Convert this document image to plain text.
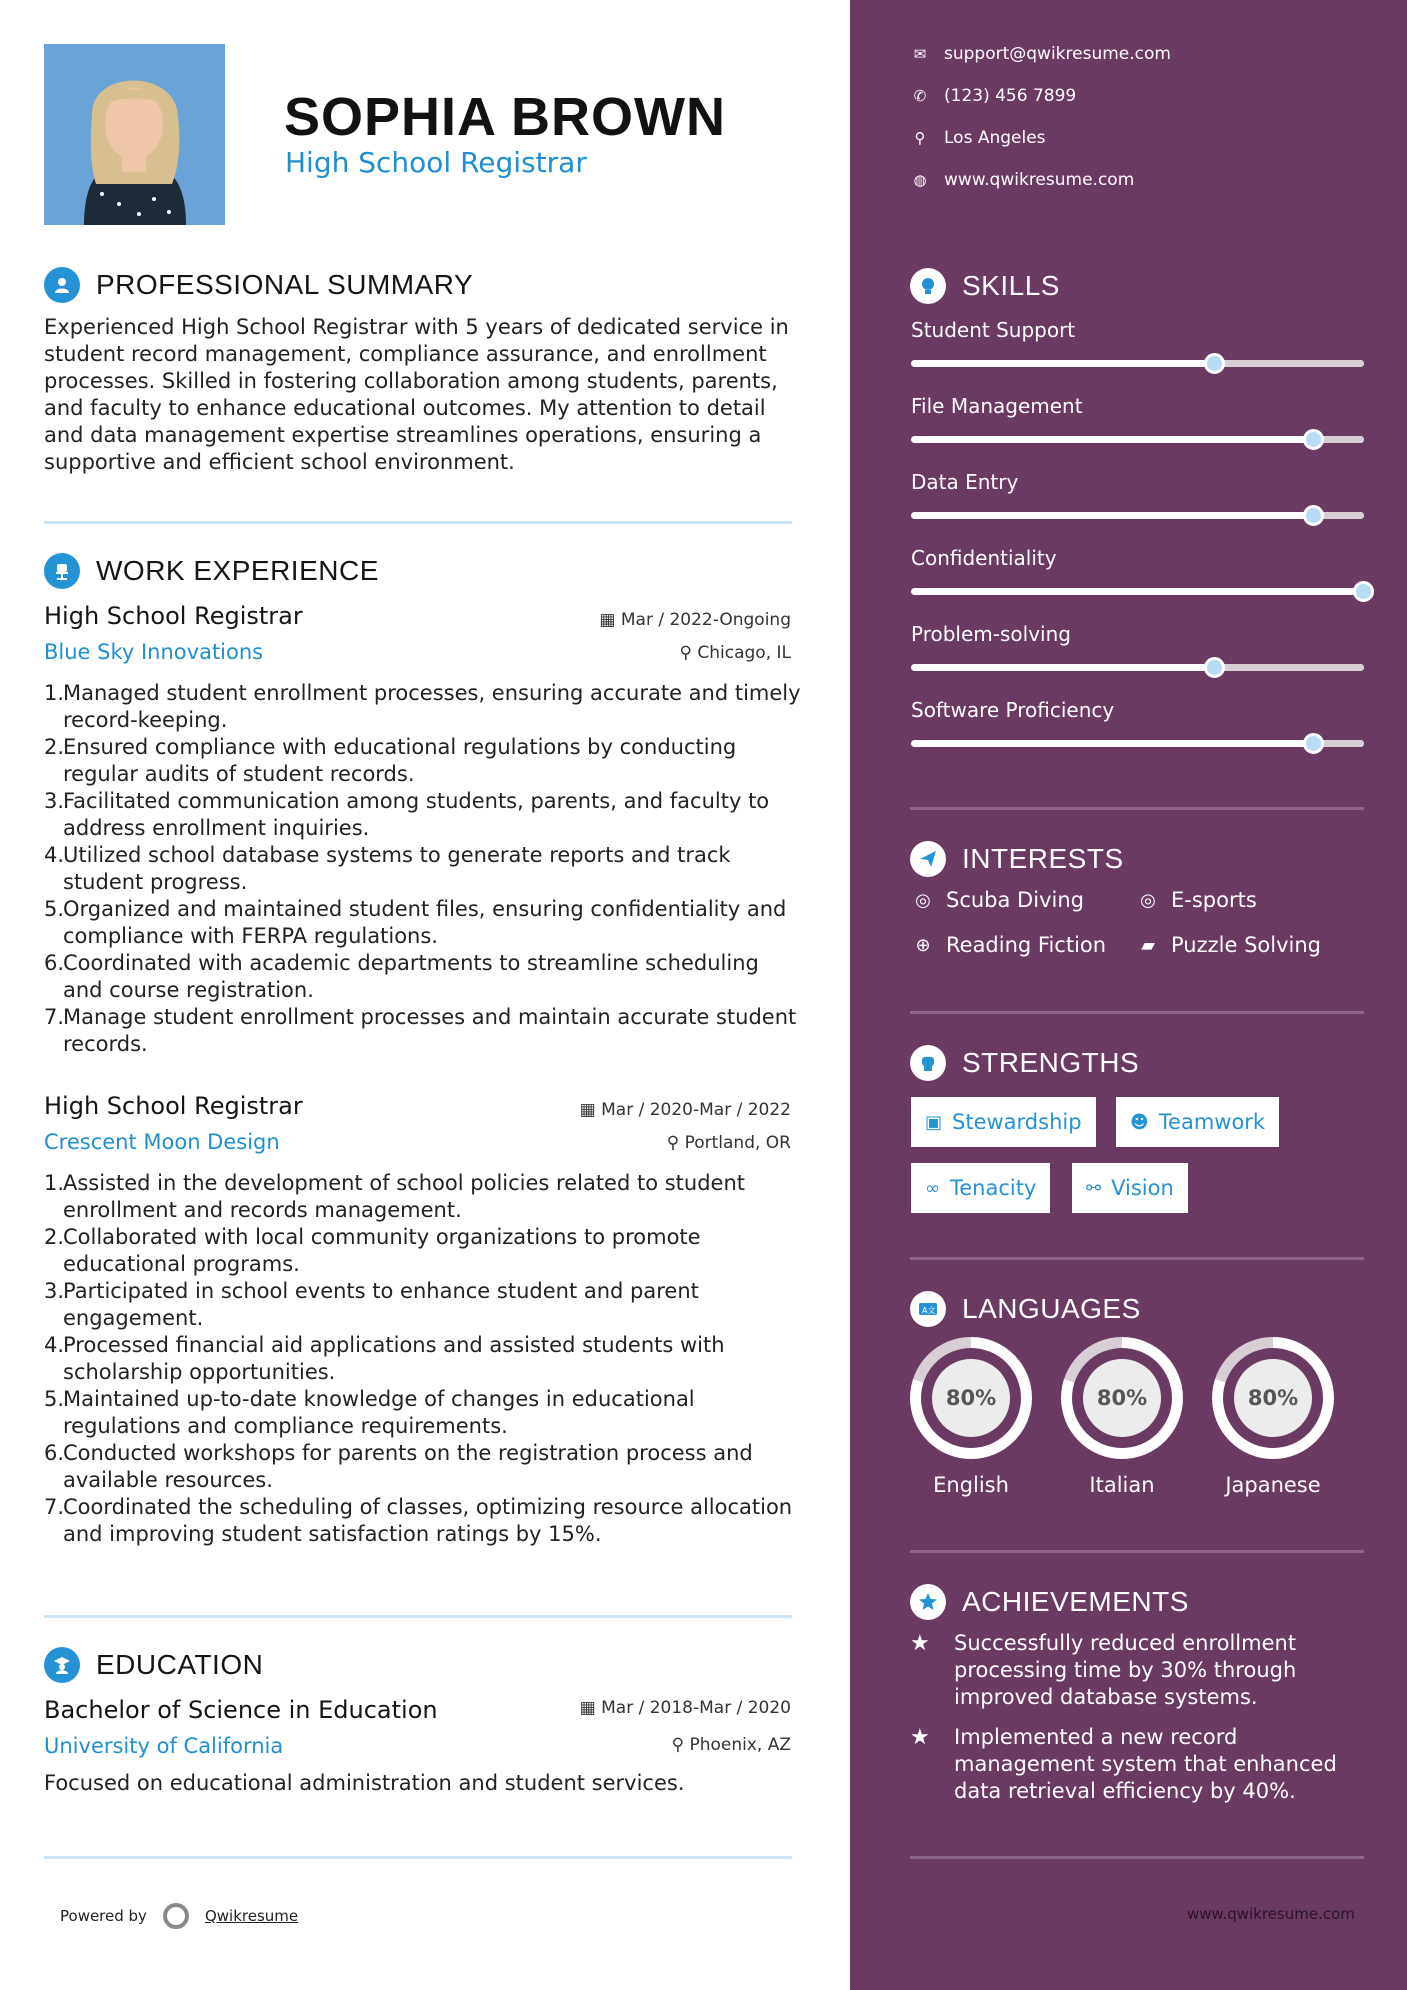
SOPHIA BROWN
High School Registrar
PROFESSIONAL SUMMARY
Experienced High School Registrar with 5 years of dedicated service in student record management, compliance assurance, and enrollment processes. Skilled in fostering collaboration among students, parents, and faculty to enhance educational outcomes. My attention to detail and data management expertise streamlines operations, ensuring a supportive and efficient school environment.
WORK EXPERIENCE
High School Registrar
Blue Sky Innovations
▦ Mar / 2022-Ongoing
⚲ Chicago, IL
1.
Managed student enrollment processes, ensuring accurate and timely record-keeping.
2.
Ensured compliance with educational regulations by conducting regular audits of student records.
3.
Facilitated communication among students, parents, and faculty to address enrollment inquiries.
4.
Utilized school database systems to generate reports and track student progress.
5.
Organized and maintained student files, ensuring confidentiality and compliance with FERPA regulations.
6.
Coordinated with academic departments to streamline scheduling and course registration.
7.
Manage student enrollment processes and maintain accurate student records.
High School Registrar
Crescent Moon Design
▦ Mar / 2020-Mar / 2022
⚲ Portland, OR
1.
Assisted in the development of school policies related to student enrollment and records management.
2.
Collaborated with local community organizations to promote educational programs.
3.
Participated in school events to enhance student and parent engagement.
4.
Processed financial aid applications and assisted students with scholarship opportunities.
5.
Maintained up-to-date knowledge of changes in educational regulations and compliance requirements.
6.
Conducted workshops for parents on the registration process and available resources.
7.
Coordinated the scheduling of classes, optimizing resource allocation and improving student satisfaction ratings by 15%.
EDUCATION
Bachelor of Science in Education
University of California
▦ Mar / 2018-Mar / 2020
⚲ Phoenix, AZ
Focused on educational administration and student services.
Powered by	Qwikresume
✉ support@qwikresume.com
✆ (123) 456 7899
⚲ Los Angeles
◍ www.qwikresume.com
SKILLS
Student Support
File Management
Data Entry
Confidentiality
Problem-solving
Software Proficiency
INTERESTS
◎ Scuba Diving	◎ E-sports
⊕ Reading Fiction	▰ Puzzle Solving
STRENGTHS
▣ Stewardship	☻ Teamwork
∞ Tenacity	⚯ Vision
A文 LANGUAGES
80%
English
80%
Italian
80%
Japanese
ACHIEVEMENTS
★	Successfully reduced enrollment processing time by 30% through improved database systems.
★	Implemented a new record management system that enhanced data retrieval efficiency by 40%.
www.qwikresume.com
